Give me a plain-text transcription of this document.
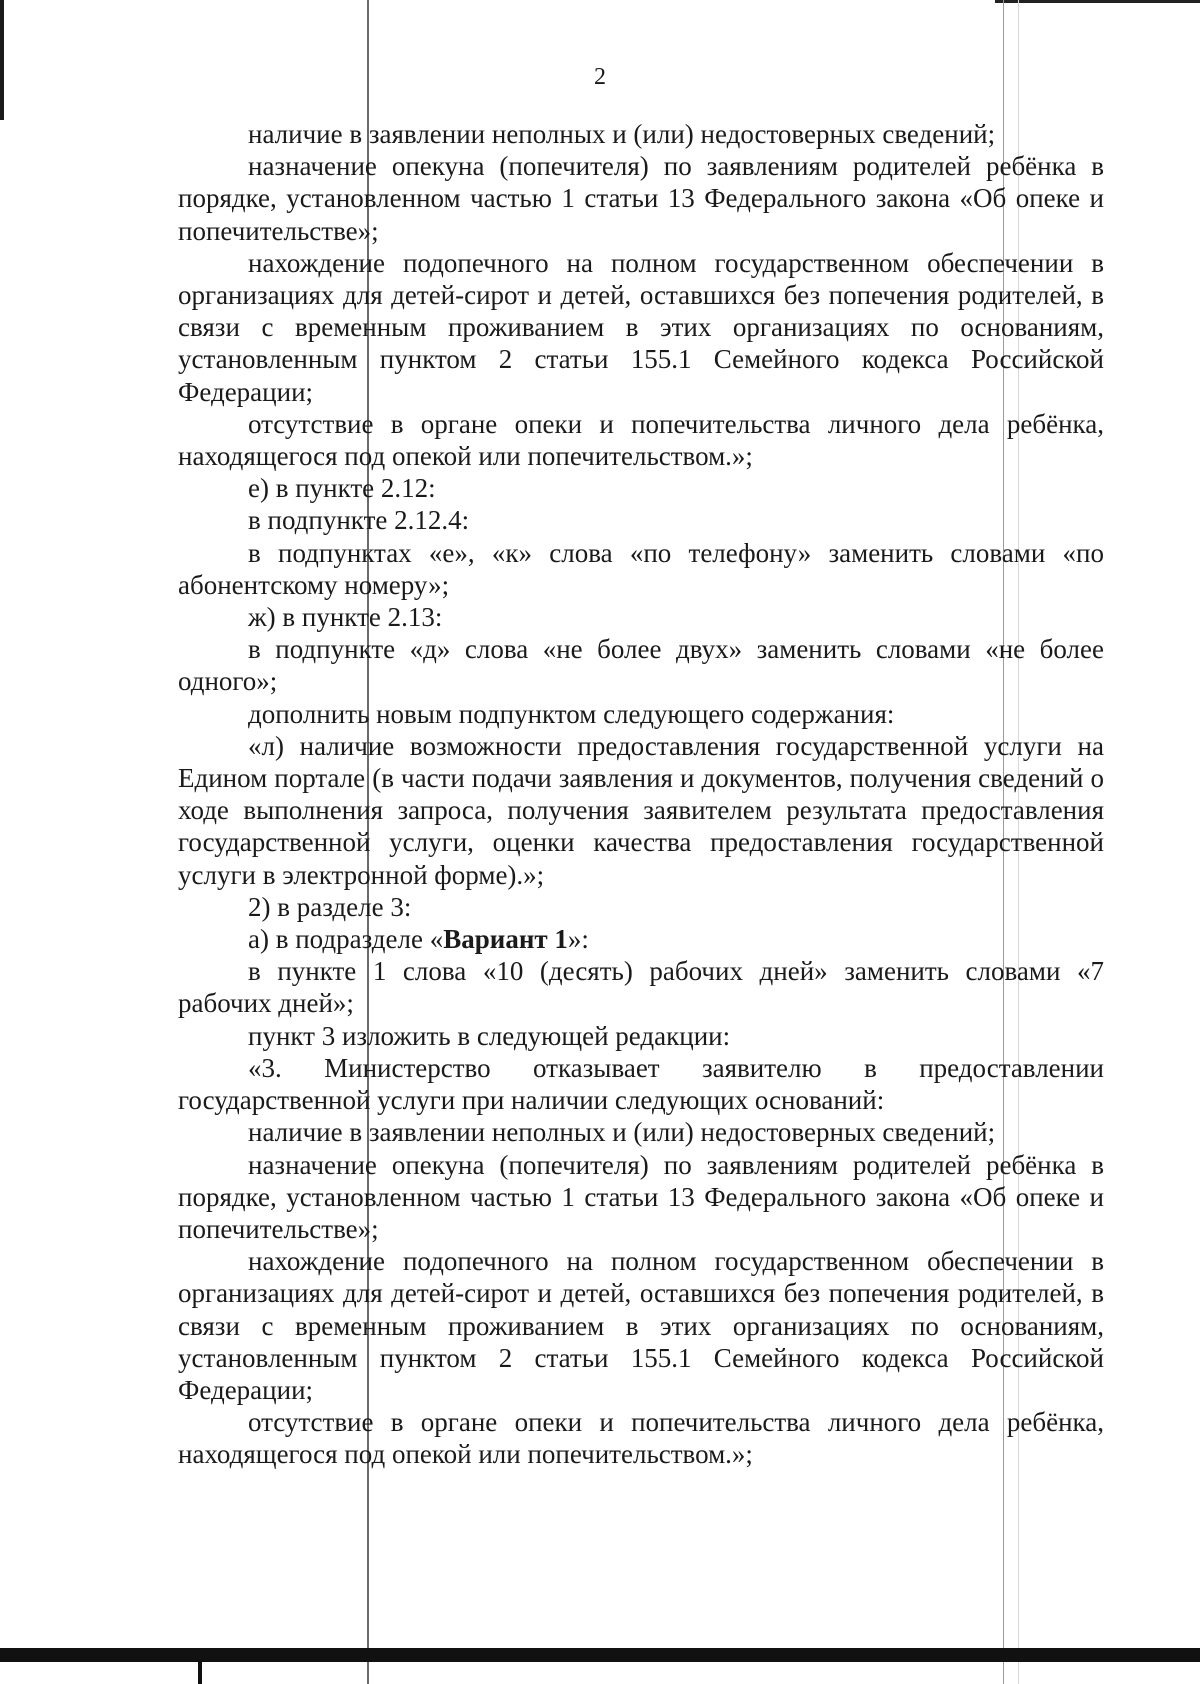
2

наличие в заявлении неполных и (или) недостоверных сведений;

назначение опекуна (попечителя) по заявлениям родителей ребёнка в порядке, установленном частью 1 статьи 13 Федерального закона «Об опеке и попечительстве»;

нахождение подопечного на полном государственном обеспечении в организациях для детей-сирот и детей, оставшихся без попечения родителей, в связи с временным проживанием в этих организациях по основаниям, установленным пунктом 2 статьи 155.1 Семейного кодекса Российской Федерации;

отсутствие в органе опеки и попечительства личного дела ребёнка, находящегося под опекой или попечительством.»;

е) в пункте 2.12:

в подпункте 2.12.4:

в подпунктах «е», «к» слова «по телефону» заменить словами «по абонентскому номеру»;

ж) в пункте 2.13:

в подпункте «д» слова «не более двух» заменить словами «не более одного»;

дополнить новым подпунктом следующего содержания:

«л) наличие возможности предоставления государственной услуги на Едином портале (в части подачи заявления и документов, получения сведений о ходе выполнения запроса, получения заявителем результата предоставления государственной услуги, оценки качества предоставления государственной услуги в электронной форме).»;

2) в разделе 3:

а) в подразделе «Вариант 1»:

в пункте 1 слова «10 (десять) рабочих дней» заменить словами «7 рабочих дней»;

пункт 3 изложить в следующей редакции:

«3. Министерство отказывает заявителю в предоставлении государственной услуги при наличии следующих оснований:

наличие в заявлении неполных и (или) недостоверных сведений;

назначение опекуна (попечителя) по заявлениям родителей ребёнка в порядке, установленном частью 1 статьи 13 Федерального закона «Об опеке и попечительстве»;

нахождение подопечного на полном государственном обеспечении в организациях для детей-сирот и детей, оставшихся без попечения родителей, в связи с временным проживанием в этих организациях по основаниям, установленным пунктом 2 статьи 155.1 Семейного кодекса Российской Федерации;

отсутствие в органе опеки и попечительства личного дела ребёнка, находящегося под опекой или попечительством.»;
